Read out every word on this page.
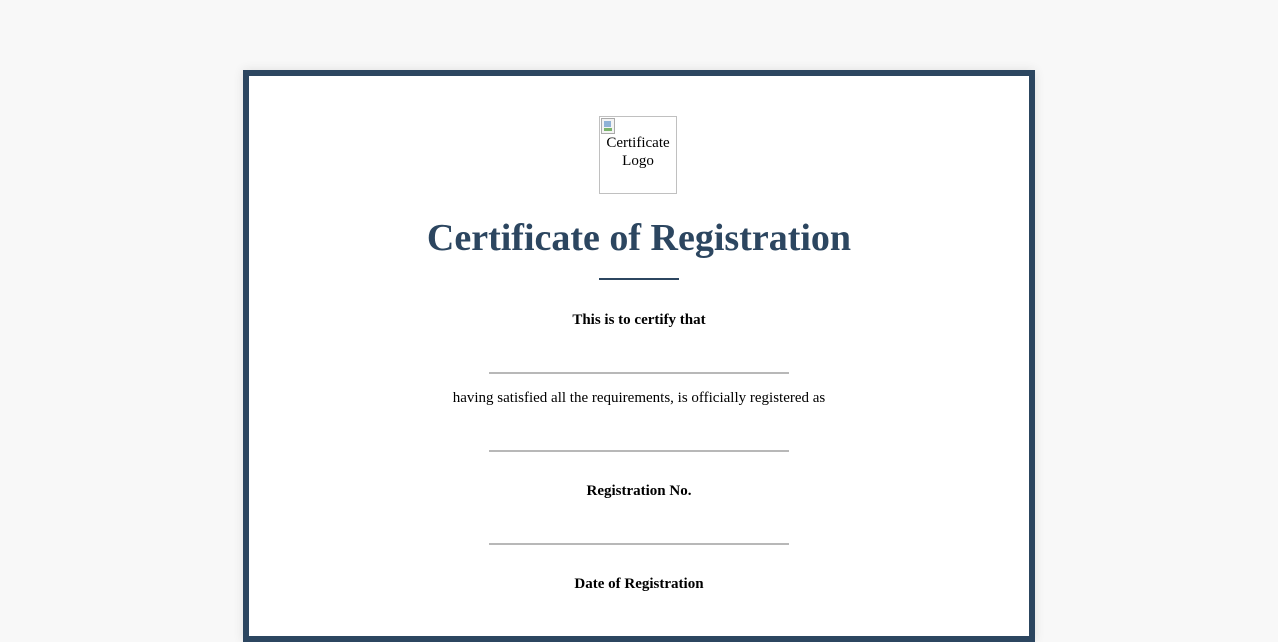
Certificate Logo
Certificate of Registration
This is to certify that
having satisfied all the requirements, is officially registered as
Registration No.
Date of Registration
